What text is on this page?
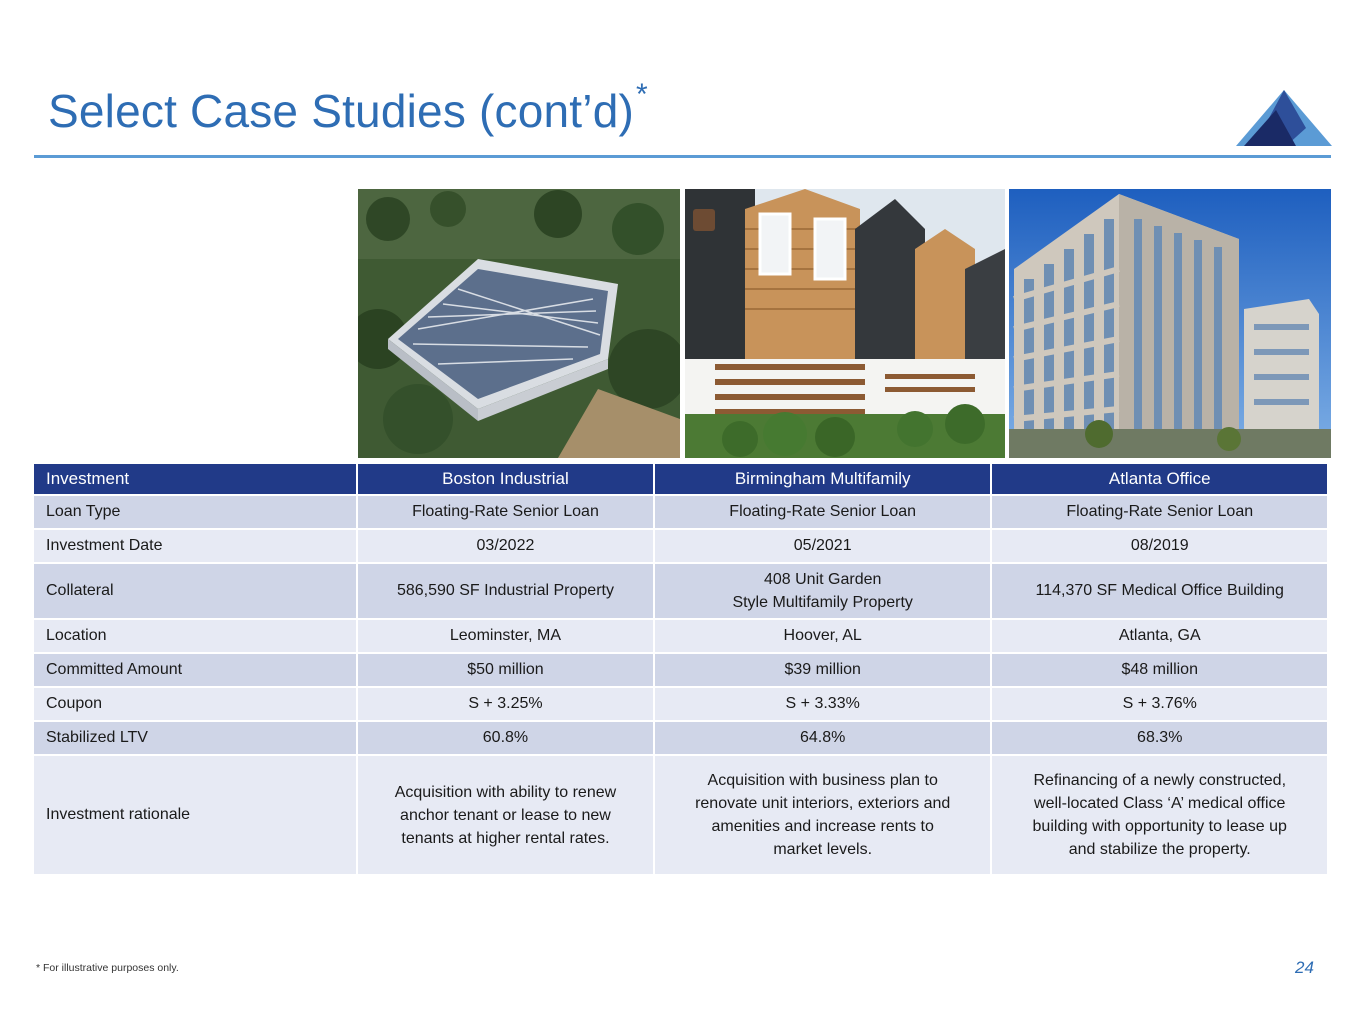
Select Case Studies (cont’d)*
Investment	Boston Industrial	Birmingham Multifamily	Atlanta Office
Loan Type	Floating-Rate Senior Loan	Floating-Rate Senior Loan	Floating-Rate Senior Loan
Investment Date	03/2022	05/2021	08/2019
Collateral	586,590 SF Industrial Property	408 Unit Garden
Style Multifamily Property	114,370 SF Medical Office Building
Location	Leominster, MA	Hoover, AL	Atlanta, GA
Committed Amount	$50 million	$39 million	$48 million
Coupon	S + 3.25%	S + 3.33%	S + 3.76%
Stabilized LTV	60.8%	64.8%	68.3%
Investment rationale	Acquisition with ability to renew
anchor tenant or lease to new
tenants at higher rental rates.	Acquisition with business plan to
renovate unit interiors, exteriors and
amenities and increase rents to
market levels.	Refinancing of a newly constructed,
well-located Class ‘A’ medical office
building with opportunity to lease up
and stabilize the property.
* For illustrative purposes only.	24
